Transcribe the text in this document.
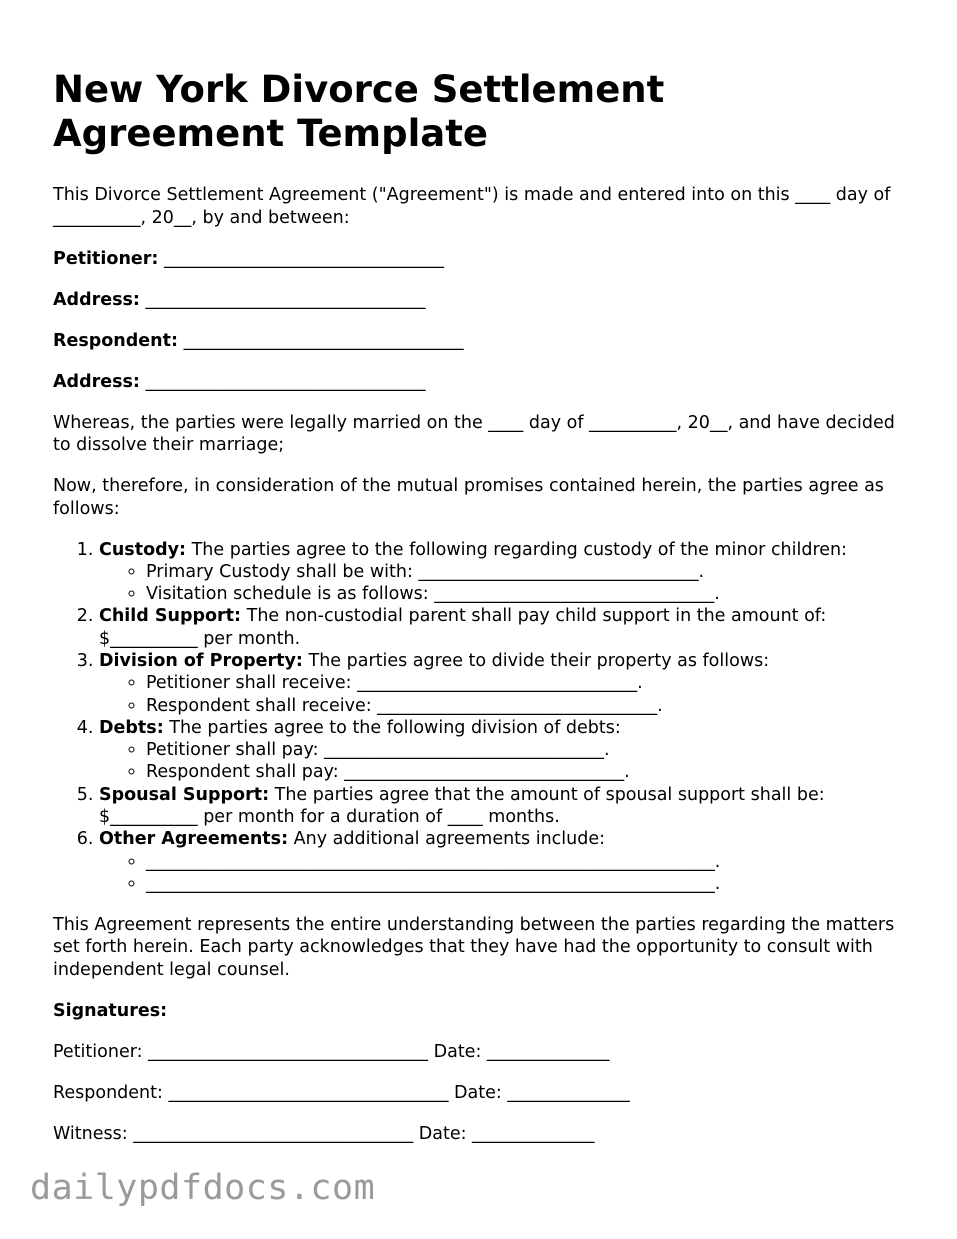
New York Divorce Settlement
Agreement Template

This Divorce Settlement Agreement ("Agreement") is made and entered into on this ____ day of __________, 20__, by and between:

Petitioner: ________________________________

Address: ________________________________

Respondent: ________________________________

Address: ________________________________

Whereas, the parties were legally married on the ____ day of __________, 20__, and have decided to dissolve their marriage;

Now, therefore, in consideration of the mutual promises contained herein, the parties agree as follows:

1. Custody: The parties agree to the following regarding custody of the minor children:
◦ Primary Custody shall be with: ________________________________.
◦ Visitation schedule is as follows: ________________________________.
2. Child Support: The non-custodial parent shall pay child support in the amount of: $__________ per month.
3. Division of Property: The parties agree to divide their property as follows:
◦ Petitioner shall receive: ________________________________.
◦ Respondent shall receive: ________________________________.
4. Debts: The parties agree to the following division of debts:
◦ Petitioner shall pay: ________________________________.
◦ Respondent shall pay: ________________________________.
5. Spousal Support: The parties agree that the amount of spousal support shall be: $__________ per month for a duration of ____ months.
6. Other Agreements: Any additional agreements include:
◦ _________________________________________________________________.
◦ _________________________________________________________________.

This Agreement represents the entire understanding between the parties regarding the matters set forth herein. Each party acknowledges that they have had the opportunity to consult with independent legal counsel.

Signatures:

Petitioner: ________________________________ Date: ______________

Respondent: ________________________________ Date: ______________

Witness: ________________________________ Date: ______________

dailypdfdocs.com
